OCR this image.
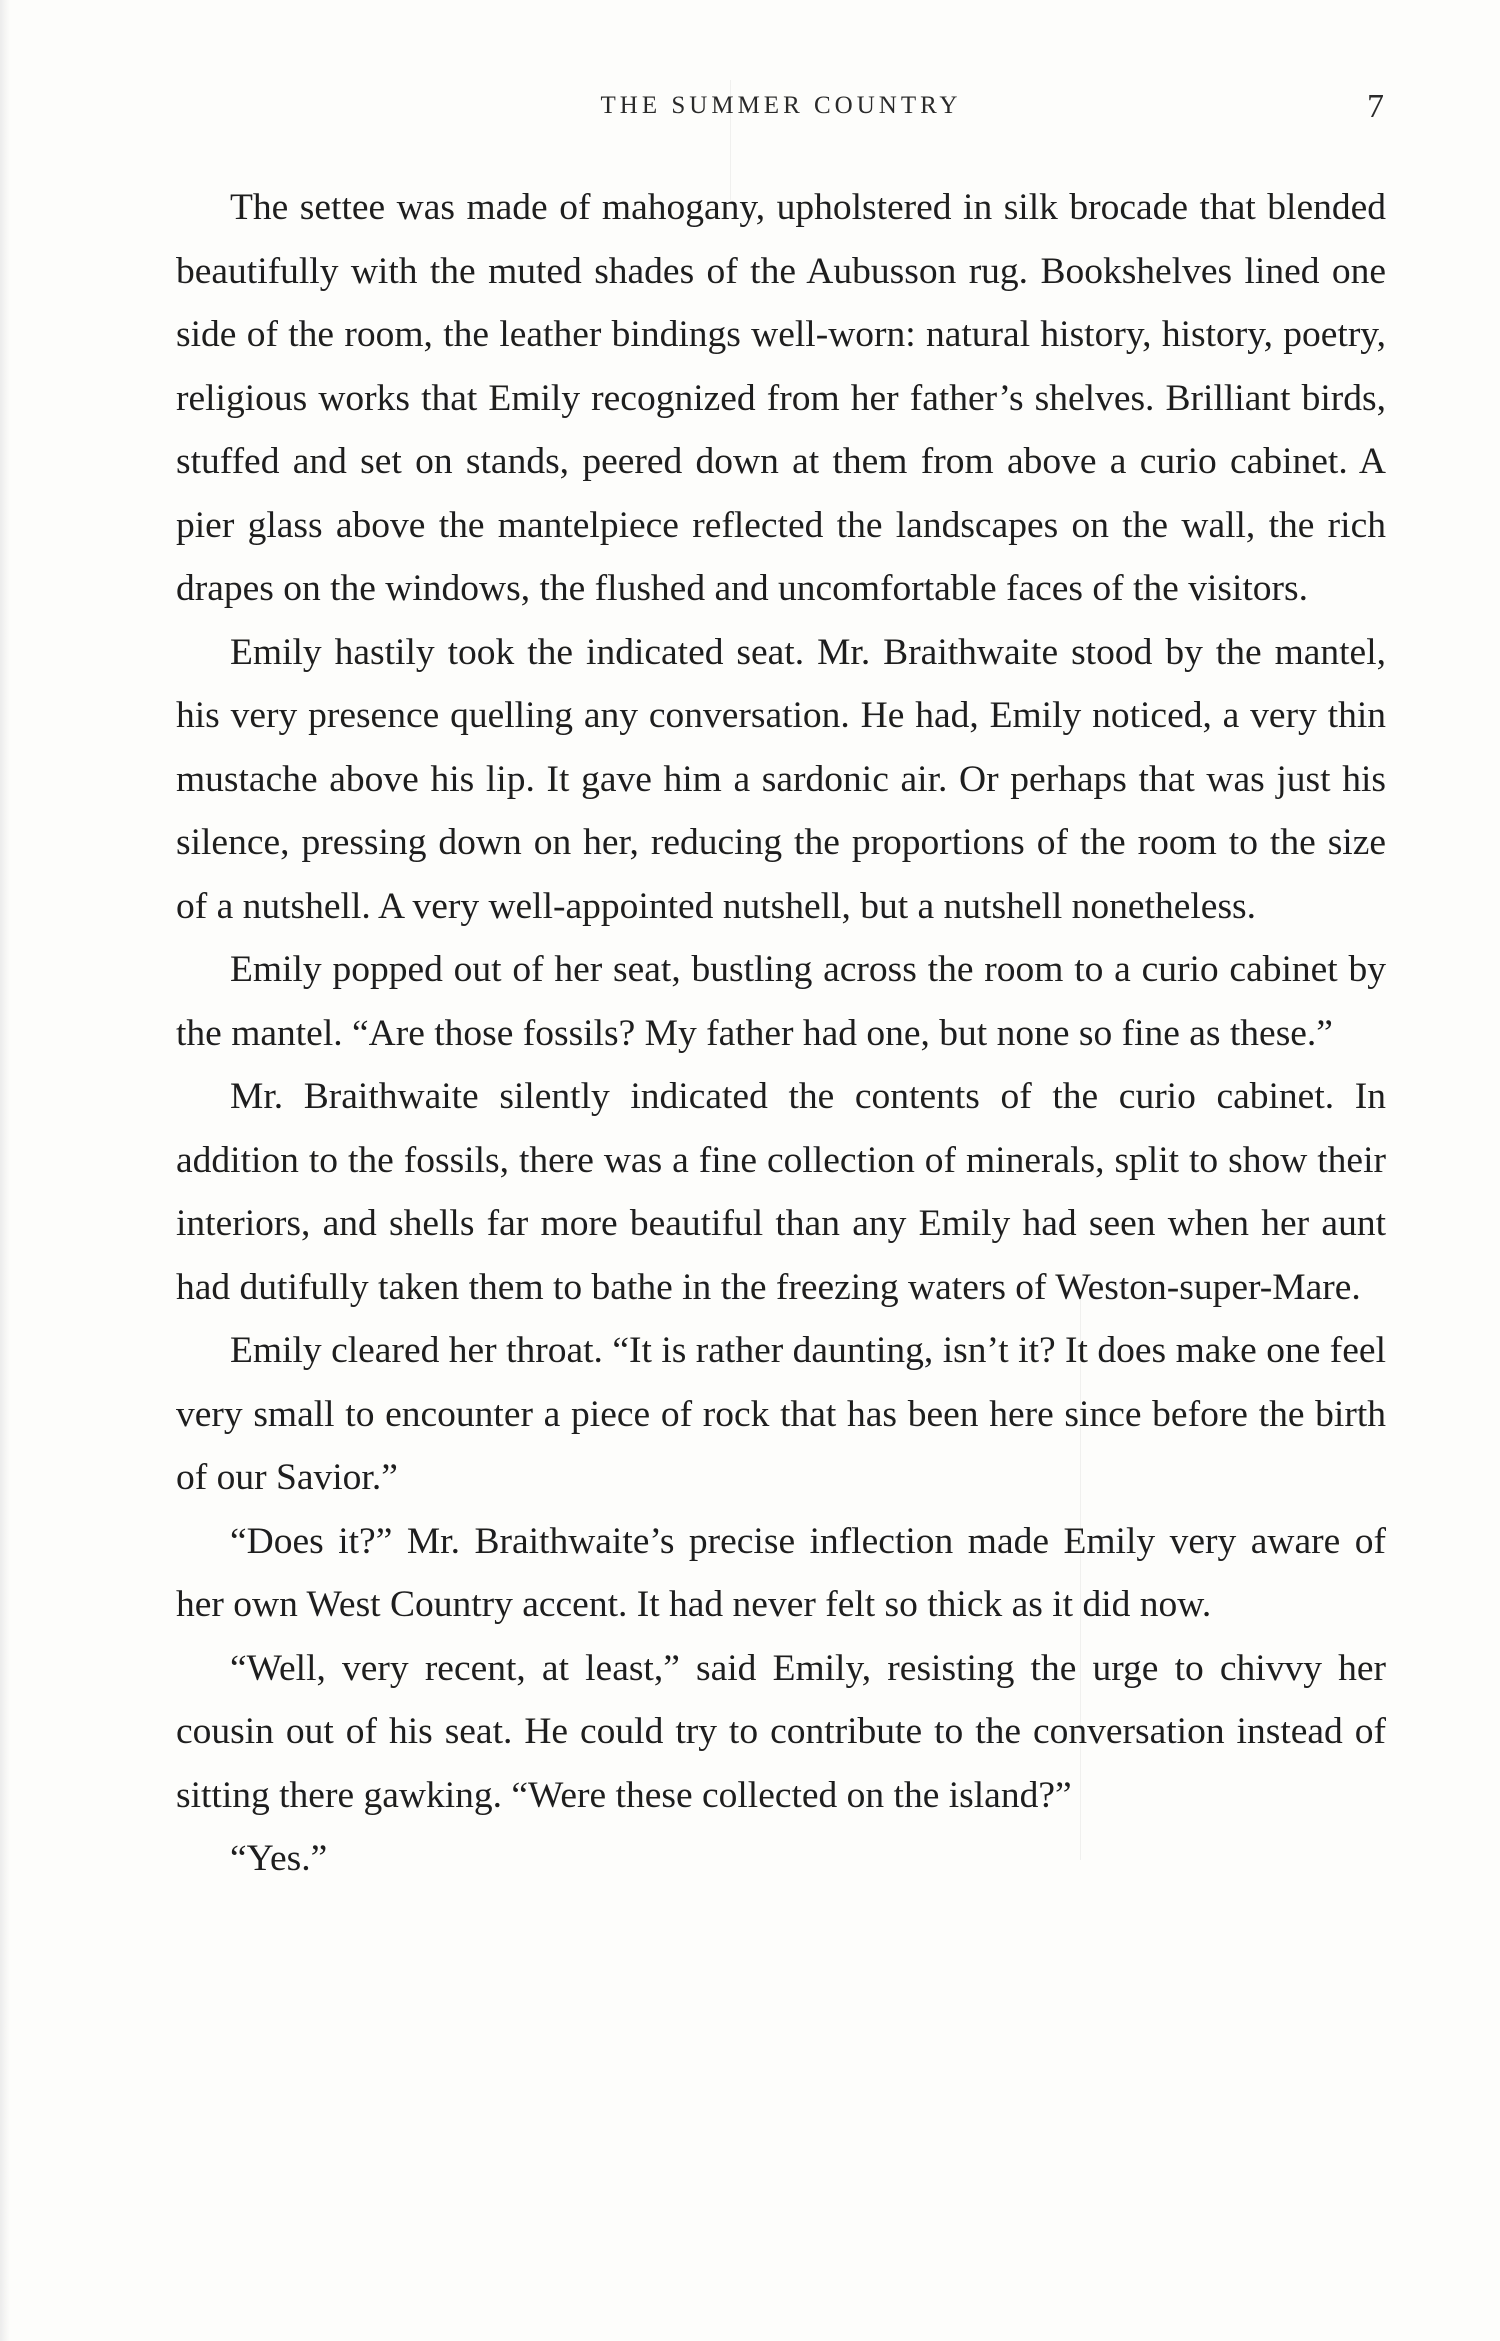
THE SUMMER COUNTRY	7

The settee was made of mahogany, upholstered in silk brocade that blended beautifully with the muted shades of the Aubusson rug. Bookshelves lined one side of the room, the leather bindings well-worn: natural history, history, poetry, religious works that Emily recognized from her father’s shelves. Brilliant birds, stuffed and set on stands, peered down at them from above a curio cabinet. A pier glass above the mantelpiece reflected the landscapes on the wall, the rich drapes on the windows, the flushed and uncomfortable faces of the visitors.

Emily hastily took the indicated seat. Mr. Braithwaite stood by the mantel, his very presence quelling any conversation. He had, Emily noticed, a very thin mustache above his lip. It gave him a sardonic air. Or perhaps that was just his silence, pressing down on her, reducing the proportions of the room to the size of a nutshell. A very well-appointed nutshell, but a nutshell nonetheless.

Emily popped out of her seat, bustling across the room to a curio cabinet by the mantel. “Are those fossils? My father had one, but none so fine as these.”

Mr. Braithwaite silently indicated the contents of the curio cabinet. In addition to the fossils, there was a fine collection of minerals, split to show their interiors, and shells far more beautiful than any Emily had seen when her aunt had dutifully taken them to bathe in the freezing waters of Weston-super-Mare.

Emily cleared her throat. “It is rather daunting, isn’t it? It does make one feel very small to encounter a piece of rock that has been here since before the birth of our Savior.”

“Does it?” Mr. Braithwaite’s precise inflection made Emily very aware of her own West Country accent. It had never felt so thick as it did now.

“Well, very recent, at least,” said Emily, resisting the urge to chivvy her cousin out of his seat. He could try to contribute to the conversation instead of sitting there gawking. “Were these collected on the island?”

“Yes.”
